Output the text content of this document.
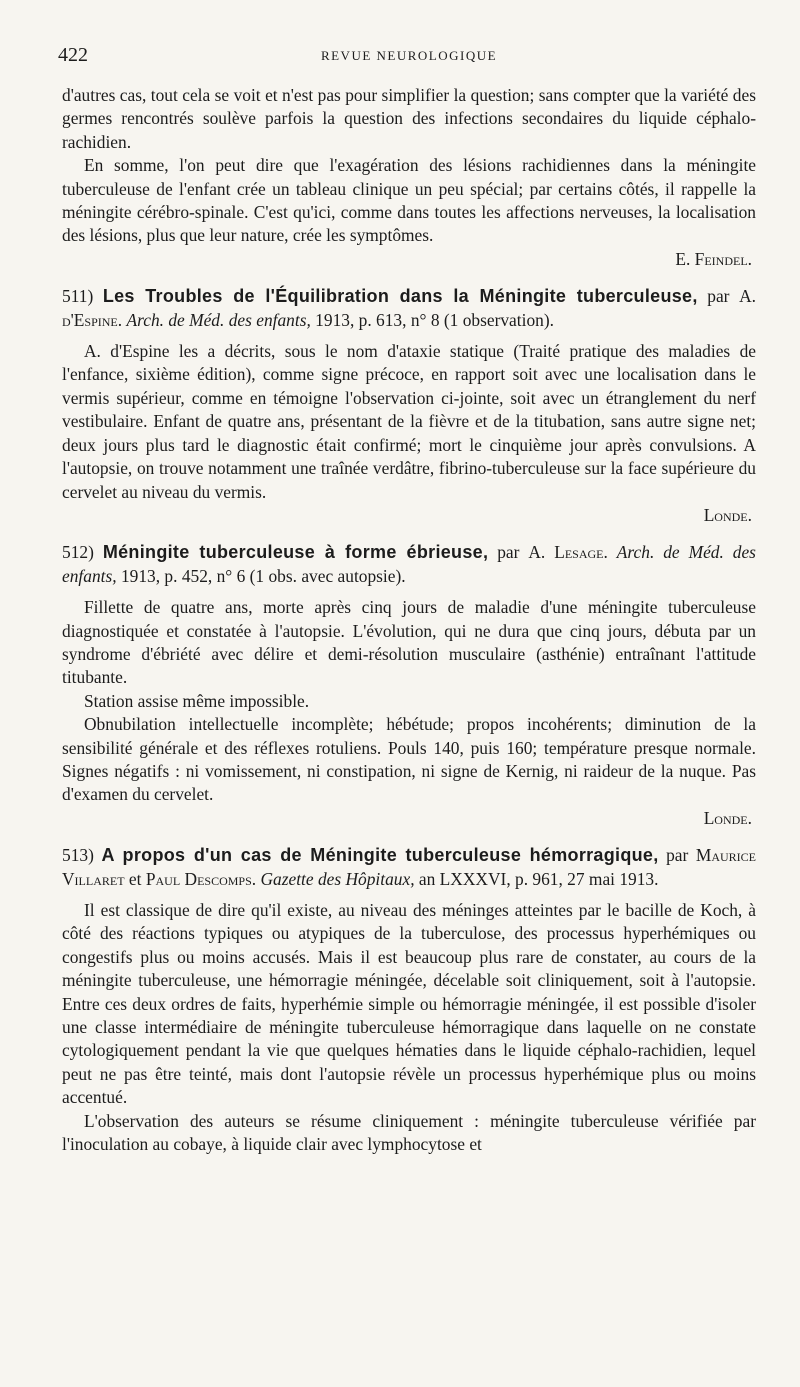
422	REVUE NEUROLOGIQUE

d'autres cas, tout cela se voit et n'est pas pour simplifier la question; sans compter que la variété des germes rencontrés soulève parfois la question des infections secondaires du liquide céphalo-rachidien.

En somme, l'on peut dire que l'exagération des lésions rachidiennes dans la méningite tuberculeuse de l'enfant crée un tableau clinique un peu spécial; par certains côtés, il rappelle la méningite cérébro-spinale. C'est qu'ici, comme dans toutes les affections nerveuses, la localisation des lésions, plus que leur nature, crée les symptômes.

E. Feindel.

511) Les Troubles de l'Équilibration dans la Méningite tuberculeuse, par A. d'Espine. Arch. de Méd. des enfants, 1913, p. 613, n° 8 (1 observation).

A. d'Espine les a décrits, sous le nom d'ataxie statique (Traité pratique des maladies de l'enfance, sixième édition), comme signe précoce, en rapport soit avec une localisation dans le vermis supérieur, comme en témoigne l'observation ci-jointe, soit avec un étranglement du nerf vestibulaire. Enfant de quatre ans, présentant de la fièvre et de la titubation, sans autre signe net; deux jours plus tard le diagnostic était confirmé; mort le cinquième jour après convulsions. A l'autopsie, on trouve notamment une traînée verdâtre, fibrino-tuberculeuse sur la face supérieure du cervelet au niveau du vermis.

Londe.

512) Méningite tuberculeuse à forme ébrieuse, par A. Lesage. Arch. de Méd. des enfants, 1913, p. 452, n° 6 (1 obs. avec autopsie).

Fillette de quatre ans, morte après cinq jours de maladie d'une méningite tuberculeuse diagnostiquée et constatée à l'autopsie. L'évolution, qui ne dura que cinq jours, débuta par un syndrome d'ébriété avec délire et demi-résolution musculaire (asthénie) entraînant l'attitude titubante.

Station assise même impossible.

Obnubilation intellectuelle incomplète; hébétude; propos incohérents; diminution de la sensibilité générale et des réflexes rotuliens. Pouls 140, puis 160; température presque normale. Signes négatifs : ni vomissement, ni constipation, ni signe de Kernig, ni raideur de la nuque. Pas d'examen du cervelet.

Londe.

513) A propos d'un cas de Méningite tuberculeuse hémorragique, par Maurice Villaret et Paul Descomps. Gazette des Hôpitaux, an LXXXVI, p. 961, 27 mai 1913.

Il est classique de dire qu'il existe, au niveau des méninges atteintes par le bacille de Koch, à côté des réactions typiques ou atypiques de la tuberculose, des processus hyperhémiques ou congestifs plus ou moins accusés. Mais il est beaucoup plus rare de constater, au cours de la méningite tuberculeuse, une hémorragie méningée, décelable soit cliniquement, soit à l'autopsie. Entre ces deux ordres de faits, hyperhémie simple ou hémorragie méningée, il est possible d'isoler une classe intermédiaire de méningite tuberculeuse hémorragique dans laquelle on ne constate cytologiquement pendant la vie que quelques hématies dans le liquide céphalo-rachidien, lequel peut ne pas être teinté, mais dont l'autopsie révèle un processus hyperhémique plus ou moins accentué.

L'observation des auteurs se résume cliniquement : méningite tuberculeuse vérifiée par l'inoculation au cobaye, à liquide clair avec lymphocytose et
